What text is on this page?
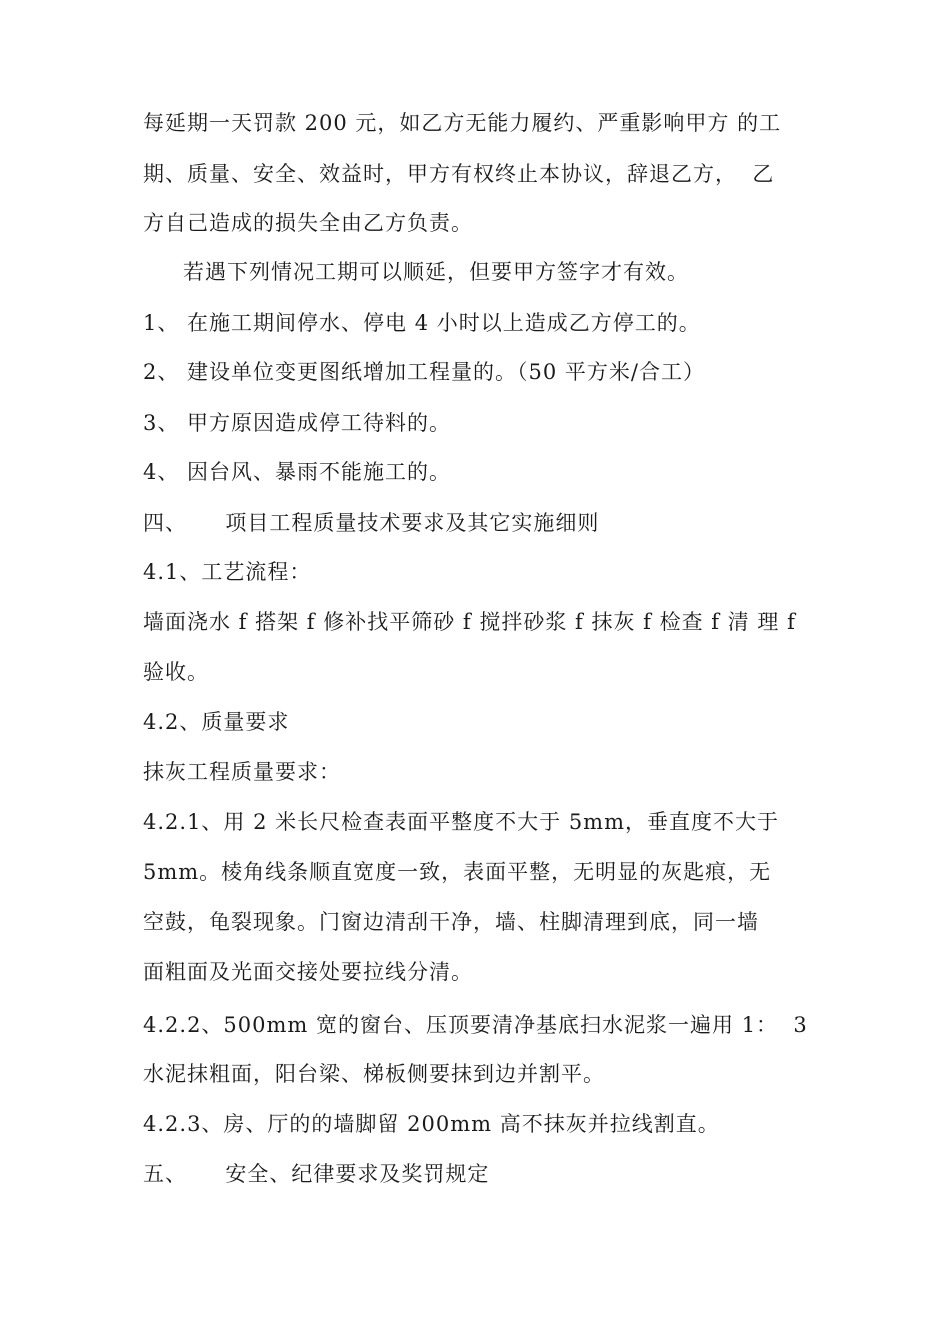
每延期一天罚款 200 元，如乙方无能力履约、严重影响甲方 的工
期、质量、安全、效益时，甲方有权终止本协议，辞退乙方，  乙
方自己造成的损失全由乙方负责。
若遇下列情况工期可以顺延，但要甲方签字才有效。
1、 在施工期间停水、停电 4 小时以上造成乙方停工的。
2、 建设单位变更图纸增加工程量的。（50 平方米/合工）
3、 甲方原因造成停工待料的。
4、 因台风、暴雨不能施工的。
四、     项目工程质量技术要求及其它实施细则
4.1、工艺流程：
墙面浇水 f 搭架 f 修补找平筛砂 f 搅拌砂浆 f 抹灰 f 检查 f 清 理 f
验收。
4.2、质量要求
抹灰工程质量要求：
4.2.1、用 2 米长尺检查表面平整度不大于 5mm，垂直度不大于
5mm。棱角线条顺直宽度一致，表面平整，无明显的灰匙痕，无
空鼓，龟裂现象。门窗边清刮干净，墙、柱脚清理到底，同一墙
面粗面及光面交接处要拉线分清。
4.2.2、500mm 宽的窗台、压顶要清净基底扫水泥浆一遍用 1：  3
水泥抹粗面，阳台梁、梯板侧要抹到边并割平。
4.2.3、房、厅的的墙脚留 200mm 高不抹灰并拉线割直。
五、     安全、纪律要求及奖罚规定
